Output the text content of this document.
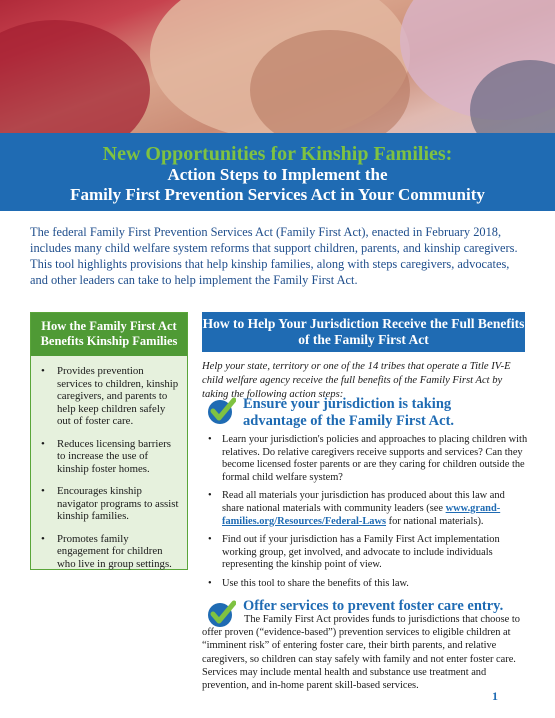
New Opportunities for Kinship Families:
Action Steps to Implement the
Family First Prevention Services Act in Your Community

The federal Family First Prevention Services Act (Family First Act), enacted in February 2018, includes many child welfare system reforms that support children, parents, and kinship caregivers. This tool highlights provisions that help kinship families, along with steps caregivers, advocates, and other leaders can take to help implement the Family First Act.

How the Family First Act Benefits Kinship Families
• Provides prevention services to children, kinship caregivers, and parents to help keep children safely out of foster care.
• Reduces licensing barriers to increase the use of kinship foster homes.
• Encourages kinship navigator programs to assist kinship families.
• Promotes family engagement for children who live in group settings.
How to Help Your Jurisdiction Receive the Full Benefits of the Family First Act

Help your state, territory or one of the 14 tribes that operate a Title IV-E child welfare agency receive the full benefits of the Family First Act by taking the following action steps:

Ensure your jurisdiction is taking advantage of the Family First Act.
• Learn your jurisdiction's policies and approaches to placing children with relatives. Do relative caregivers receive supports and services? Can they become licensed foster parents or are they caring for children outside the formal child welfare system?
• Read all materials your jurisdiction has produced about this law and share national materials with community leaders (see www.grand-families.org/Resources/Federal-Laws for national materials).
• Find out if your jurisdiction has a Family First Act implementation working group, get involved, and advocate to include individuals representing the kinship point of view.
• Use this tool to share the benefits of this law.
Offer services to prevent foster care entry.

The Family First Act provides funds to jurisdictions that choose to offer proven (“evidence-based”) prevention services to eligible children at “imminent risk” of entering foster care, their birth parents, and relative caregivers, so children can stay safely with family and not enter foster care. Services may include mental health and substance use treatment and prevention, and in-home parent skill-based services.

1
